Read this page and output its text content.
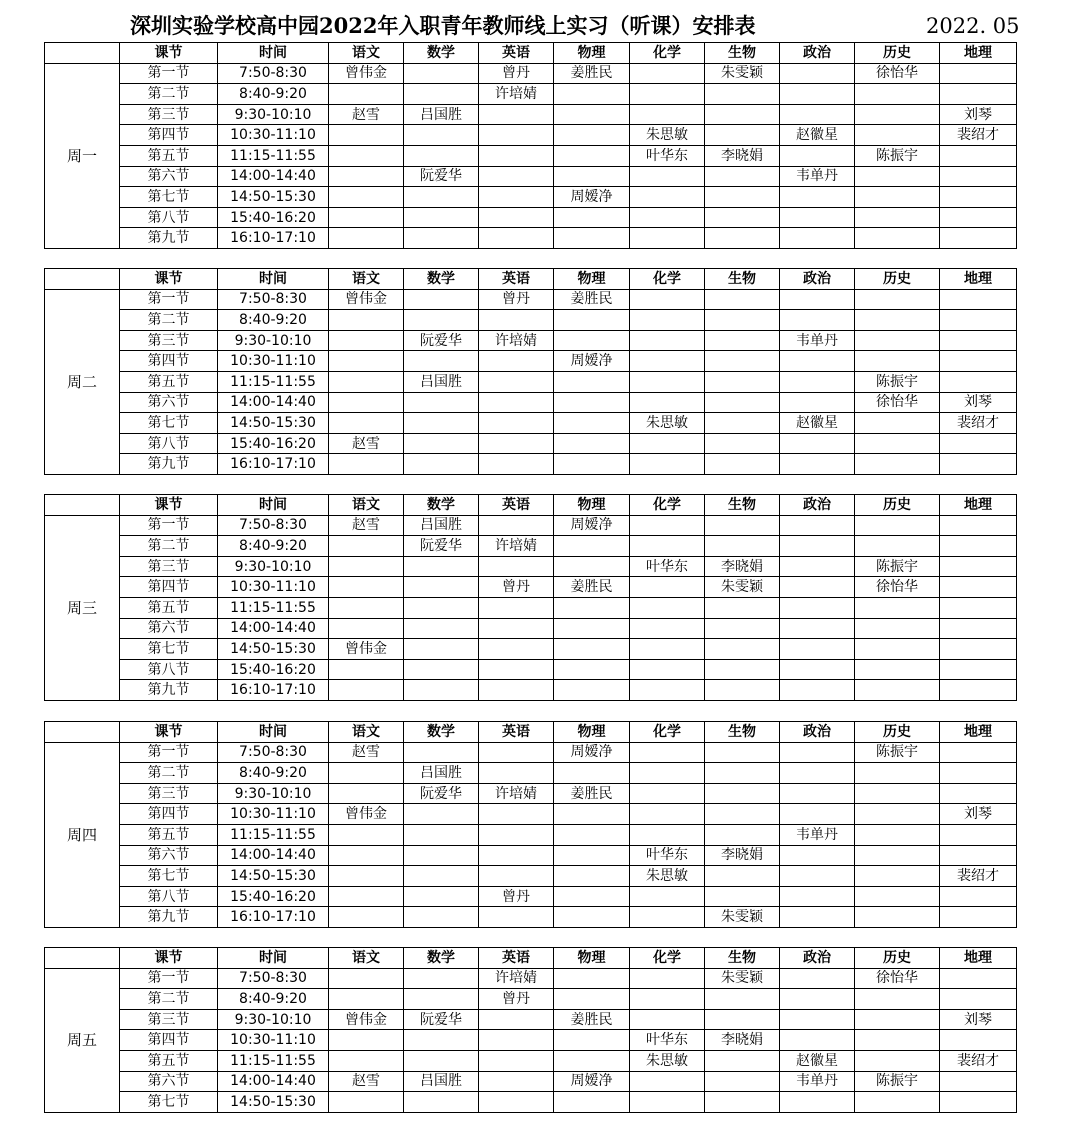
深圳实验学校高中园2022年入职青年教师线上实习（听课）安排表	2022. 05
	课节	时间	语文	数学	英语	物理	化学	生物	政治	历史	地理
周一	第一节	7:50-8:30	曾伟金		曾丹	姜胜民		朱雯颖		徐怡华	
	第二节	8:40-9:20			许培婧						
	第三节	9:30-10:10	赵雪	吕国胜							刘琴
	第四节	10:30-11:10					朱思敏		赵徽星		裴绍才
	第五节	11:15-11:55					叶华东	李晓娟		陈振宇	
	第六节	14:00-14:40		阮爱华					韦单丹		
	第七节	14:50-15:30				周嫒净					
	第八节	15:40-16:20									
	第九节	16:10-17:10									
	课节	时间	语文	数学	英语	物理	化学	生物	政治	历史	地理
周二	第一节	7:50-8:30	曾伟金		曾丹	姜胜民					
	第二节	8:40-9:20									
	第三节	9:30-10:10		阮爱华	许培婧				韦单丹		
	第四节	10:30-11:10				周嫒净					
	第五节	11:15-11:55		吕国胜						陈振宇	
	第六节	14:00-14:40								徐怡华	刘琴
	第七节	14:50-15:30					朱思敏		赵徽星		裴绍才
	第八节	15:40-16:20	赵雪								
	第九节	16:10-17:10									
	课节	时间	语文	数学	英语	物理	化学	生物	政治	历史	地理
周三	第一节	7:50-8:30	赵雪	吕国胜		周嫒净					
	第二节	8:40-9:20		阮爱华	许培婧						
	第三节	9:30-10:10					叶华东	李晓娟		陈振宇	
	第四节	10:30-11:10			曾丹	姜胜民		朱雯颖		徐怡华	
	第五节	11:15-11:55									
	第六节	14:00-14:40									
	第七节	14:50-15:30	曾伟金								
	第八节	15:40-16:20									
	第九节	16:10-17:10									
	课节	时间	语文	数学	英语	物理	化学	生物	政治	历史	地理
周四	第一节	7:50-8:30	赵雪			周嫒净				陈振宇	
	第二节	8:40-9:20		吕国胜							
	第三节	9:30-10:10		阮爱华	许培婧	姜胜民					
	第四节	10:30-11:10	曾伟金								刘琴
	第五节	11:15-11:55							韦单丹		
	第六节	14:00-14:40					叶华东	李晓娟			
	第七节	14:50-15:30					朱思敏				裴绍才
	第八节	15:40-16:20			曾丹						
	第九节	16:10-17:10						朱雯颖			
	课节	时间	语文	数学	英语	物理	化学	生物	政治	历史	地理
周五	第一节	7:50-8:30			许培婧			朱雯颖		徐怡华	
	第二节	8:40-9:20			曾丹						
	第三节	9:30-10:10	曾伟金	阮爱华		姜胜民					刘琴
	第四节	10:30-11:10					叶华东	李晓娟			
	第五节	11:15-11:55					朱思敏		赵徽星		裴绍才
	第六节	14:00-14:40	赵雪	吕国胜		周嫒净			韦单丹	陈振宇	
	第七节	14:50-15:30									
